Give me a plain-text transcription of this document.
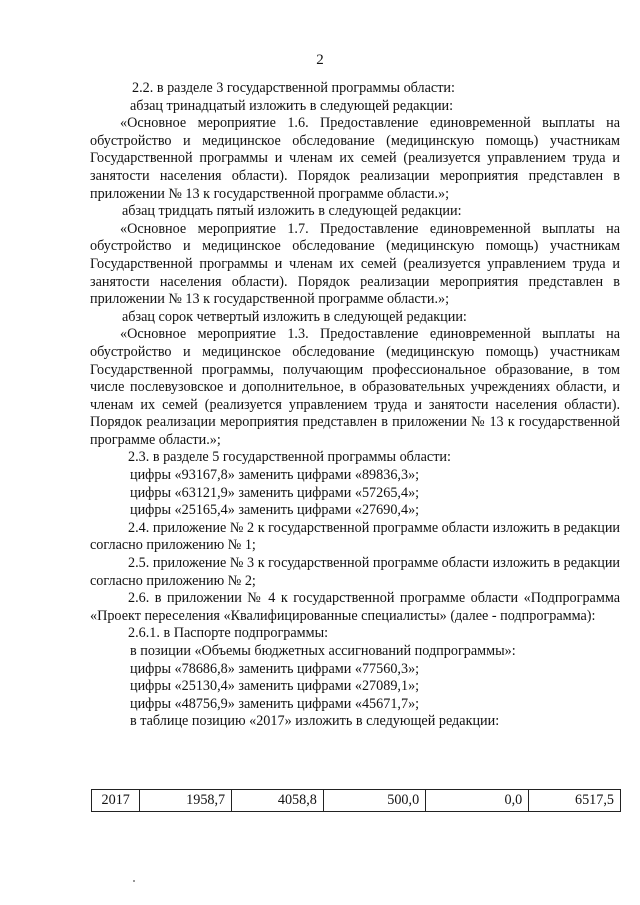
2

2.2. в разделе 3 государственной программы области:

абзац тринадцатый изложить в следующей редакции:

«Основное мероприятие 1.6. Предоставление единовременной выплаты на обустройство и медицинское обследование (медицинскую помощь) участникам Государственной программы и членам их семей (реализуется управлением труда и занятости населения области). Порядок реализации мероприятия представлен в приложении № 13 к государственной программе области.»;

абзац тридцать пятый изложить в следующей редакции:

«Основное мероприятие 1.7. Предоставление единовременной выплаты на обустройство и медицинское обследование (медицинскую помощь) участникам Государственной программы и членам их семей (реализуется управлением труда и занятости населения области). Порядок реализации мероприятия представлен в приложении № 13 к государственной программе области.»;

абзац сорок четвертый изложить в следующей редакции:

«Основное мероприятие 1.3. Предоставление единовременной выплаты на обустройство и медицинское обследование (медицинскую помощь) участникам Государственной программы, получающим профессиональное образование, в том числе послевузовское и дополнительное, в образовательных учреждениях области, и членам их семей (реализуется управлением труда и занятости населения области). Порядок реализации мероприятия представлен в приложении № 13 к государственной программе области.»;

2.3. в разделе 5 государственной программы области:

цифры «93167,8» заменить цифрами «89836,3»;

цифры «63121,9» заменить цифрами «57265,4»;

цифры «25165,4» заменить цифрами «27690,4»;

2.4. приложение № 2 к государственной программе области изложить в редакции согласно приложению № 1;

2.5. приложение № 3 к государственной программе области изложить в редакции согласно приложению № 2;

2.6. в приложении № 4 к государственной программе области «Подпрограмма «Проект переселения «Квалифицированные специалисты» (далее - подпрограмма):

2.6.1. в Паспорте подпрограммы:

в позиции «Объемы бюджетных ассигнований подпрограммы»:

цифры «78686,8» заменить цифрами «77560,3»;

цифры «25130,4» заменить цифрами «27089,1»;

цифры «48756,9» заменить цифрами «45671,7»;

в таблице позицию «2017» изложить в следующей редакции:

2017	1958,7	4058,8	500,0	0,0	6517,5
